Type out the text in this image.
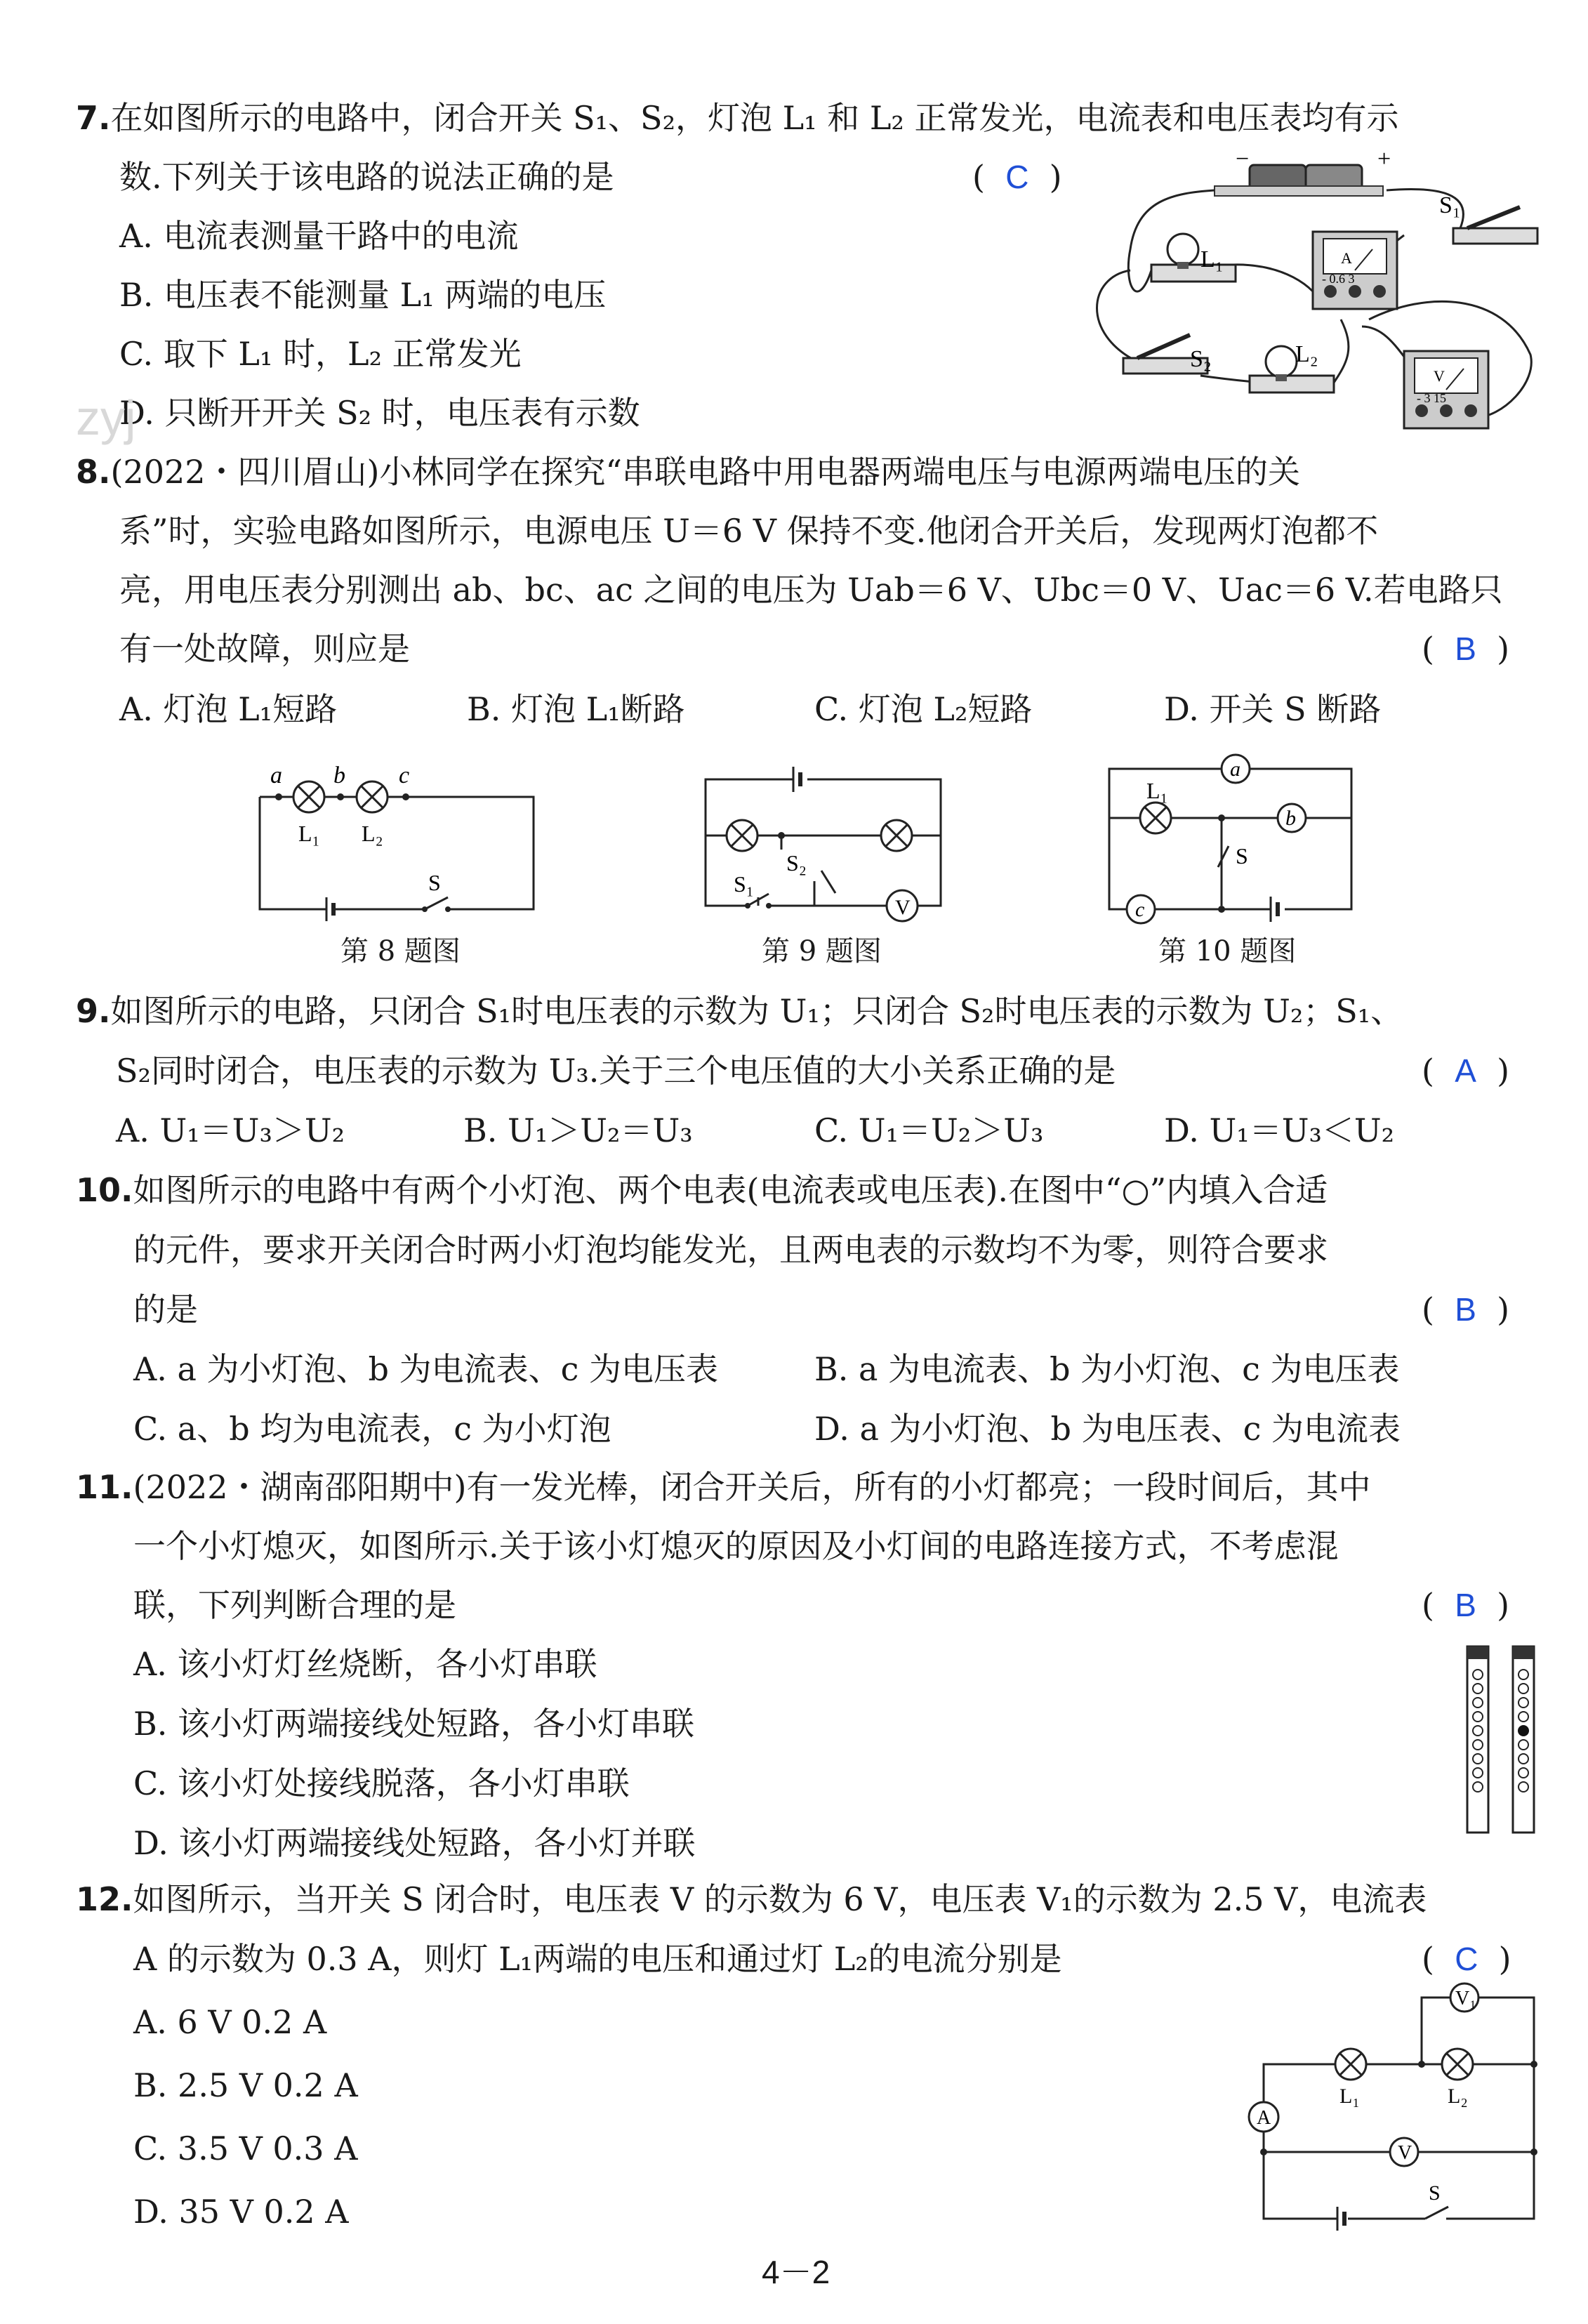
7.在如图所示的电路中，闭合开关 S₁、S₂，灯泡 L₁ 和 L₂ 正常发光，电流表和电压表均有示
数.下列关于该电路的说法正确的是	(  C  )
A. 电流表测量干路中的电流
B. 电压表不能测量 L₁ 两端的电压
C. 取下 L₁ 时，L₂ 正常发光
D. 只断开开关 S₂ 时，电压表有示数
zyj
−	+
S₁
L₁	A
- 0.6 3
S₂	L₂
V
- 3 15
8.(2022・四川眉山)小林同学在探究“串联电路中用电器两端电压与电源两端电压的关
系”时，实验电路如图所示，电源电压 U＝6 V 保持不变.他闭合开关后，发现两灯泡都不
亮，用电压表分别测出 ab、bc、ac 之间的电压为 Uab＝6 V、Ubc＝0 V、Uac＝6 V.若电路只
有一处故障，则应是	(  B  )
A. 灯泡 L₁短路	B. 灯泡 L₁断路	C. 灯泡 L₂短路	D. 开关 S 断路
a b c
L₁ L₂
S
第 8 题图
V
S₁
S₂
第 9 题图
L₁
a
b
c
S
第 10 题图
9.如图所示的电路，只闭合 S₁时电压表的示数为 U₁；只闭合 S₂时电压表的示数为 U₂；S₁、
S₂同时闭合，电压表的示数为 U₃.关于三个电压值的大小关系正确的是	(  A  )
A. U₁＝U₃＞U₂	B. U₁＞U₂＝U₃	C. U₁＝U₂＞U₃	D. U₁＝U₃＜U₂
10.如图所示的电路中有两个小灯泡、两个电表(电流表或电压表).在图中“○”内填入合适
的元件，要求开关闭合时两小灯泡均能发光，且两电表的示数均不为零，则符合要求
的是	(  B  )
A. a 为小灯泡、b 为电流表、c 为电压表	B. a 为电流表、b 为小灯泡、c 为电压表
C. a、b 均为电流表，c 为小灯泡	D. a 为小灯泡、b 为电压表、c 为电流表
11.(2022・湖南邵阳期中)有一发光棒，闭合开关后，所有的小灯都亮；一段时间后，其中
一个小灯熄灭，如图所示.关于该小灯熄灭的原因及小灯间的电路连接方式，不考虑混
联，下列判断合理的是	(  B  )
A. 该小灯灯丝烧断，各小灯串联
B. 该小灯两端接线处短路，各小灯串联
C. 该小灯处接线脱落，各小灯串联
D. 该小灯两端接线处短路，各小灯并联
12.如图所示，当开关 S 闭合时，电压表 V 的示数为 6 V，电压表 V₁的示数为 2.5 V，电流表
A 的示数为 0.3 A，则灯 L₁两端的电压和通过灯 L₂的电流分别是	(  C  )
A. 6 V 0.2 A
B. 2.5 V 0.2 A
C. 3.5 V 0.3 A
D. 35 V 0.2 A
V₁
A
V
L₁	L₂
S
4－2
